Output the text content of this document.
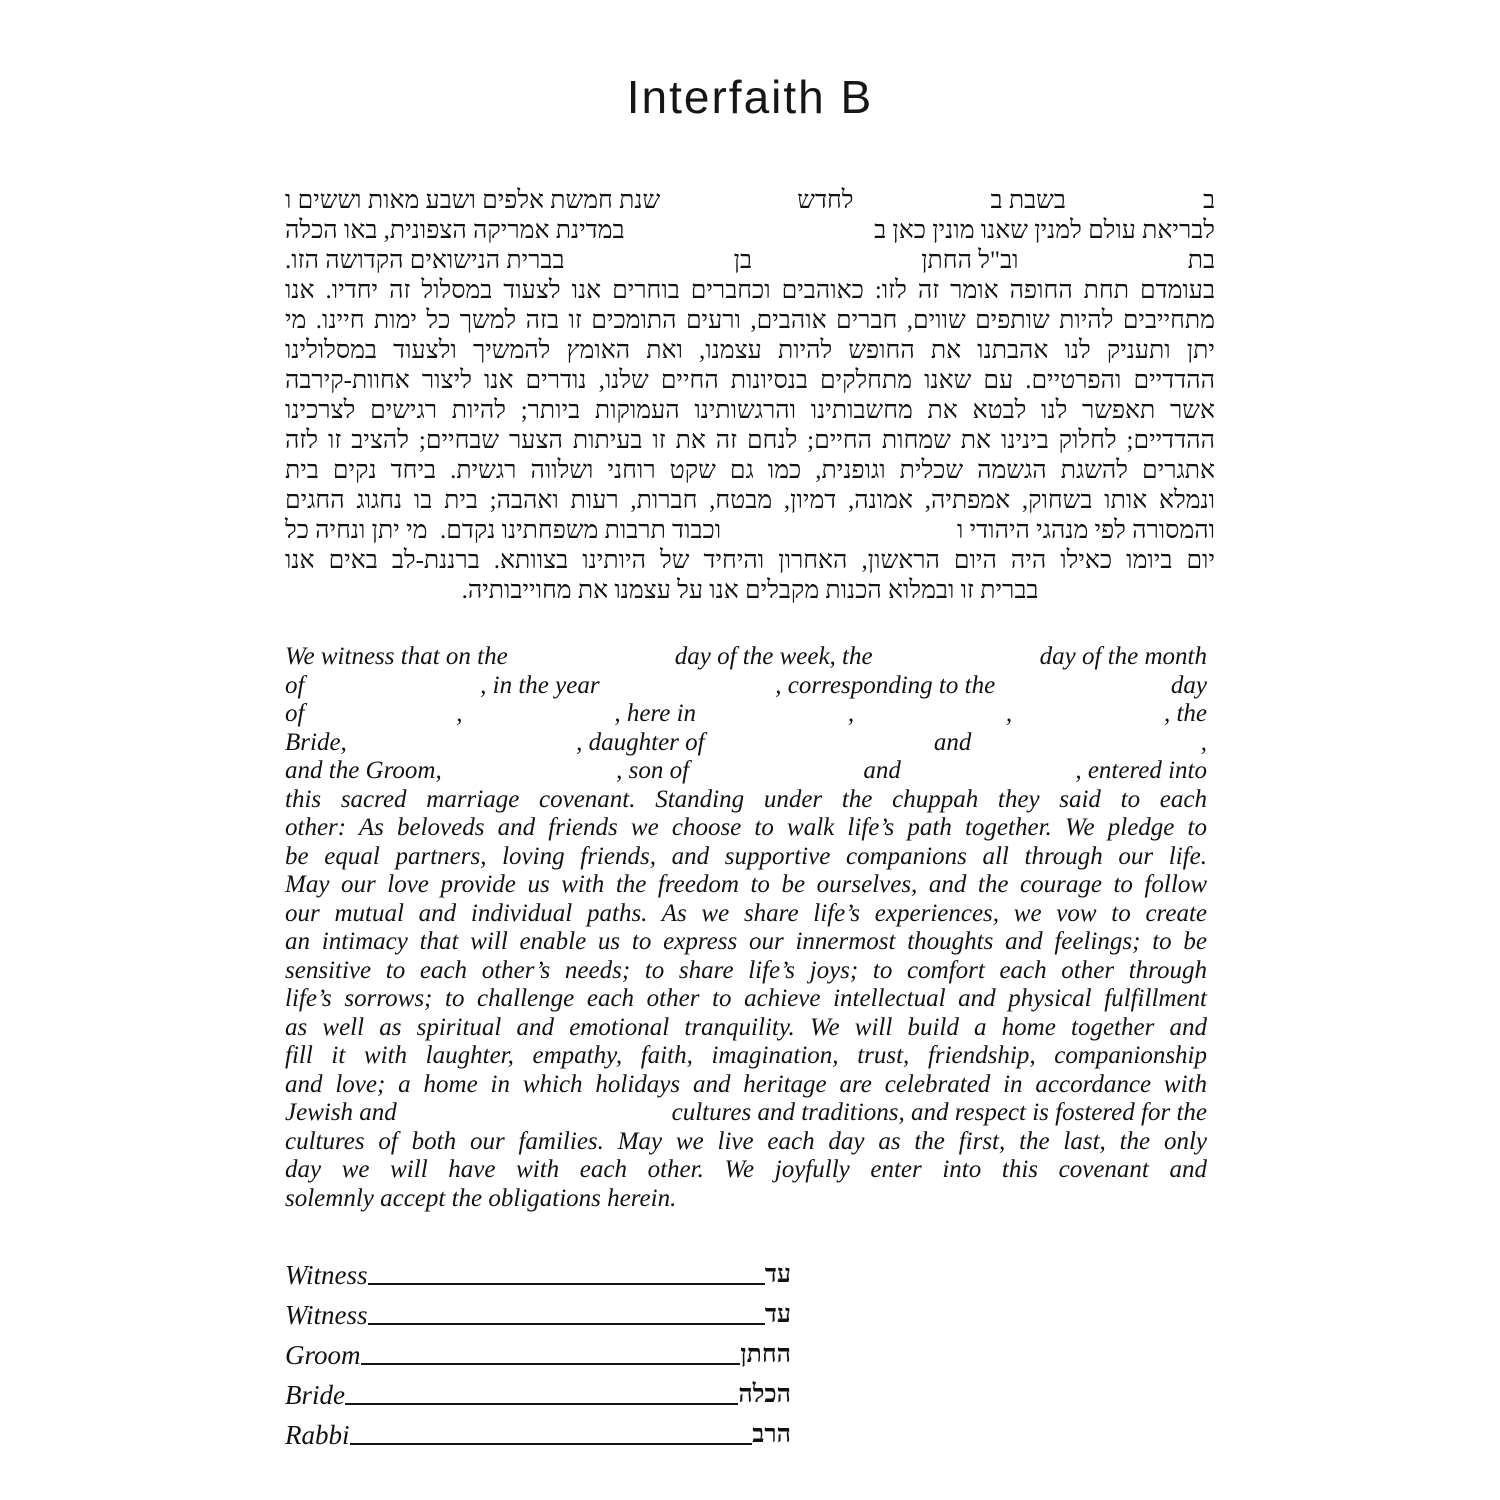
Interfaith B
ב
בשבת ב
לחדש
שנת חמשת אלפים ושבע מאות וששים ו
לבריאת עולם למנין שאנו מונין כאן ב
במדינת אמריקה הצפונית, באו הכלה
בת
וב"ל החתן
בן
בברית הנישואים הקדושה הזו.
בעומדם תחת החופה אומר זה לזו: כאוהבים וכחברים בוחרים אנו לצעוד במסלול זה יחדיו. אנו
מתחייבים להיות שותפים שווים, חברים אוהבים, ורעים התומכים זו בזה למשך כל ימות חיינו. מי
יתן ותעניק לנו אהבתנו את החופש להיות עצמנו, ואת האומץ להמשיך ולצעוד במסלולינו
ההדדיים והפרטיים. עם שאנו מתחלקים בנסיונות החיים שלנו, נודרים אנו ליצור אחוות-קירבה
אשר תאפשר לנו לבטא את מחשבותינו והרגשותינו העמוקות ביותר; להיות רגישים לצרכינו
ההדדיים; לחלוק בינינו את שמחות החיים; לנחם זה את זו בעיתות הצער שבחיים; להציב זו לזה
אתגרים להשגת הגשמה שכלית וגופנית, כמו גם שקט רוחני ושלווה רגשית. ביחד נקים בית
ונמלא אותו בשחוק, אמפתיה, אמונה, דמיון, מבטח, חברות, רעות ואהבה; בית בו נחגוג החגים
והמסורה לפי מנהגי היהודי ו
וכבוד תרבות משפחתינו נקדם.  מי יתן ונחיה כל
יום ביומו כאילו היה היום הראשון, האחרון והיחיד של היותינו בצוותא. ברננת-לב באים אנו
בברית זו ובמלוא הכנות מקבלים אנו על עצמנו את מחוייבותיה.
We witness that on the	day of the week, the	day of the month
of	, in the year	, corresponding to the	day
of	,	, here in	,	,	, the
Bride,	, daughter of	and	,
and the Groom,	, son of	and	, entered into
this sacred marriage covenant. Standing under the chuppah they said to each
other: As beloveds and friends we choose to walk life’s path together. We pledge to
be equal partners, loving friends, and supportive companions all through our life.
May our love provide us with the freedom to be ourselves, and the courage to follow
our mutual and individual paths. As we share life’s experiences, we vow to create
an intimacy that will enable us to express our innermost thoughts and feelings; to be
sensitive to each other’s needs; to share life’s joys; to comfort each other through
life’s sorrows; to challenge each other to achieve intellectual and physical fulfillment
as well as spiritual and emotional tranquility. We will build a home together and
fill it with laughter, empathy, faith, imagination, trust, friendship, companionship
and love; a home in which holidays and heritage are celebrated in accordance with
Jewish and	cultures and traditions, and respect is fostered for the
cultures of both our families. May we live each day as the first, the last, the only
day we will have with each other. We joyfully enter into this covenant and
solemnly accept the obligations herein.
Witness	עד
Witness	עד
Groom	החתן
Bride	הכלה
Rabbi	הרב
